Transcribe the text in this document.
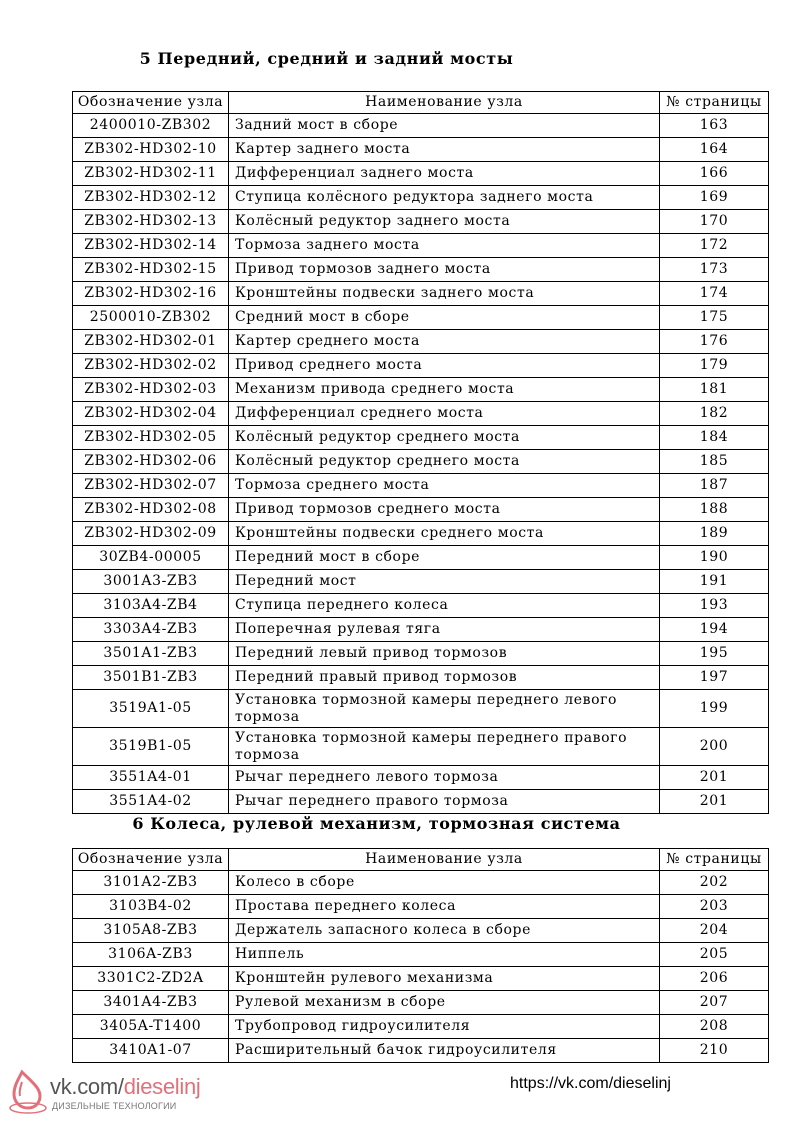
5 Передний, средний и задний мосты
Обозначение узла	Наименование узла	№ страницы
2400010-ZB302	Задний мост в сборе	163
ZB302-HD302-10	Картер заднего моста	164
ZB302-HD302-11	Дифференциал заднего моста	166
ZB302-HD302-12	Ступица колёсного редуктора заднего моста	169
ZB302-HD302-13	Колёсный редуктор заднего моста	170
ZB302-HD302-14	Тормоза заднего моста	172
ZB302-HD302-15	Привод тормозов заднего моста	173
ZB302-HD302-16	Кронштейны подвески заднего моста	174
2500010-ZB302	Средний мост в сборе	175
ZB302-HD302-01	Картер среднего моста	176
ZB302-HD302-02	Привод среднего моста	179
ZB302-HD302-03	Механизм привода среднего моста	181
ZB302-HD302-04	Дифференциал среднего моста	182
ZB302-HD302-05	Колёсный редуктор среднего моста	184
ZB302-HD302-06	Колёсный редуктор среднего моста	185
ZB302-HD302-07	Тормоза среднего моста	187
ZB302-HD302-08	Привод тормозов среднего моста	188
ZB302-HD302-09	Кронштейны подвески среднего моста	189
30ZB4-00005	Передний мост в сборе	190
3001A3-ZB3	Передний мост	191
3103A4-ZB4	Ступица переднего колеса	193
3303A4-ZB3	Поперечная рулевая тяга	194
3501A1-ZB3	Передний левый привод тормозов	195
3501B1-ZB3	Передний правый привод тормозов	197
3519A1-05	Установка тормозной камеры переднего левого тормоза	199
3519B1-05	Установка тормозной камеры переднего правого тормоза	200
3551A4-01	Рычаг переднего левого тормоза	201
3551A4-02	Рычаг переднего правого тормоза	201
6 Колеса, рулевой механизм, тормозная система
Обозначение узла	Наименование узла	№ страницы
3101A2-ZB3	Колесо в сборе	202
3103B4-02	Проставa переднего колеса	203
3105A8-ZB3	Держатель запасного колеса в сборе	204
3106A-ZB3	Ниппель	205
3301C2-ZD2A	Кронштейн рулевого механизма	206
3401A4-ZB3	Рулевой механизм в сборе	207
3405A-T1400	Трубопровод гидроусилителя	208
3410A1-07	Расширительный бачок гидроусилителя	210
vk.com/dieselinj
ДИЗЕЛЬНЫЕ ТЕХНОЛОГИИ
https://vk.com/dieselinj
